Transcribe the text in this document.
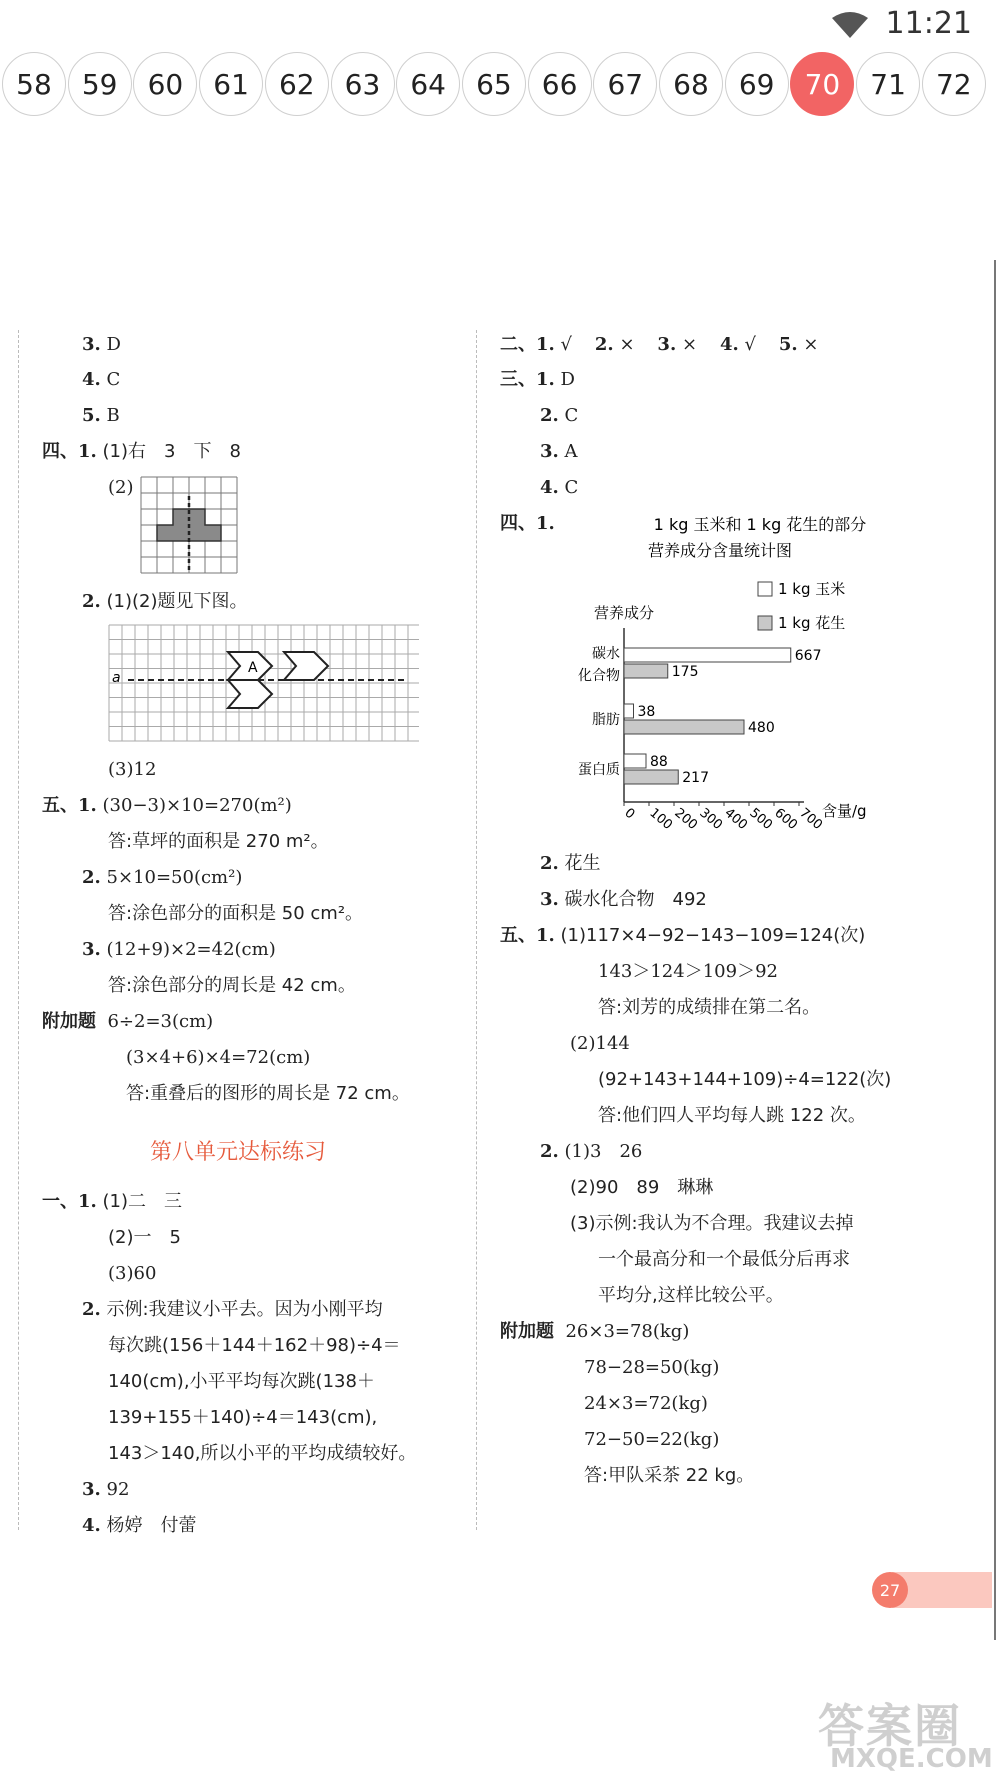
11:21
58	59	60	61	62	63	64	65	66	67	68	69	70	71	72
3. D
4. C
5. B
四、1. (1)右　3　下　8
(2)
2. (1)(2)题见下图。
a
A
(3)12
五、1. (30−3)×10=270(m²)
答:草坪的面积是 270 m²。
2. 5×10=50(cm²)
答:涂色部分的面积是 50 cm²。
3. (12+9)×2=42(cm)
答:涂色部分的周长是 42 cm。
附加题 6÷2=3(cm)
(3×4+6)×4=72(cm)
答:重叠后的图形的周长是 72 cm。
第八单元达标练习
一、1. (1)二　三
(2)一　5
(3)60
2. 示例:我建议小平去。因为小刚平均
每次跳(156＋144＋162＋98)÷4＝
140(cm),小平平均每次跳(138＋
139+155＋140)÷4＝143(cm),
143＞140,所以小平的平均成绩较好。
3. 92
4. 杨婷　付蕾
二、1. √ 2. × 3. × 4. √ 5. ×
三、1. D
2. C
3. A
4. C
四、1.	1 kg 玉米和 1 kg 花生的部分
营养成分含量统计图
1 kg 玉米
1 kg 花生
营养成分
碳水
化合物
667
175
脂肪 38
480
蛋白质 88
217
0 100
200
300
400
500
600
700
含量/g
2. 花生
3. 碳水化合物　492
五、1. (1)117×4−92−143−109=124(次)
143＞124＞109＞92
答:刘芳的成绩排在第二名。
(2)144
(92+143+144+109)÷4=122(次)
答:他们四人平均每人跳 122 次。
2. (1)3　26
(2)90　89　琳琳
(3)示例:我认为不合理。我建议去掉
一个最高分和一个最低分后再求
平均分,这样比较公平。
附加题 26×3=78(kg)
78−28=50(kg)
24×3=72(kg)
72−50=22(kg)
答:甲队采茶 22 kg。
27
答案圈
MXQE.COM
